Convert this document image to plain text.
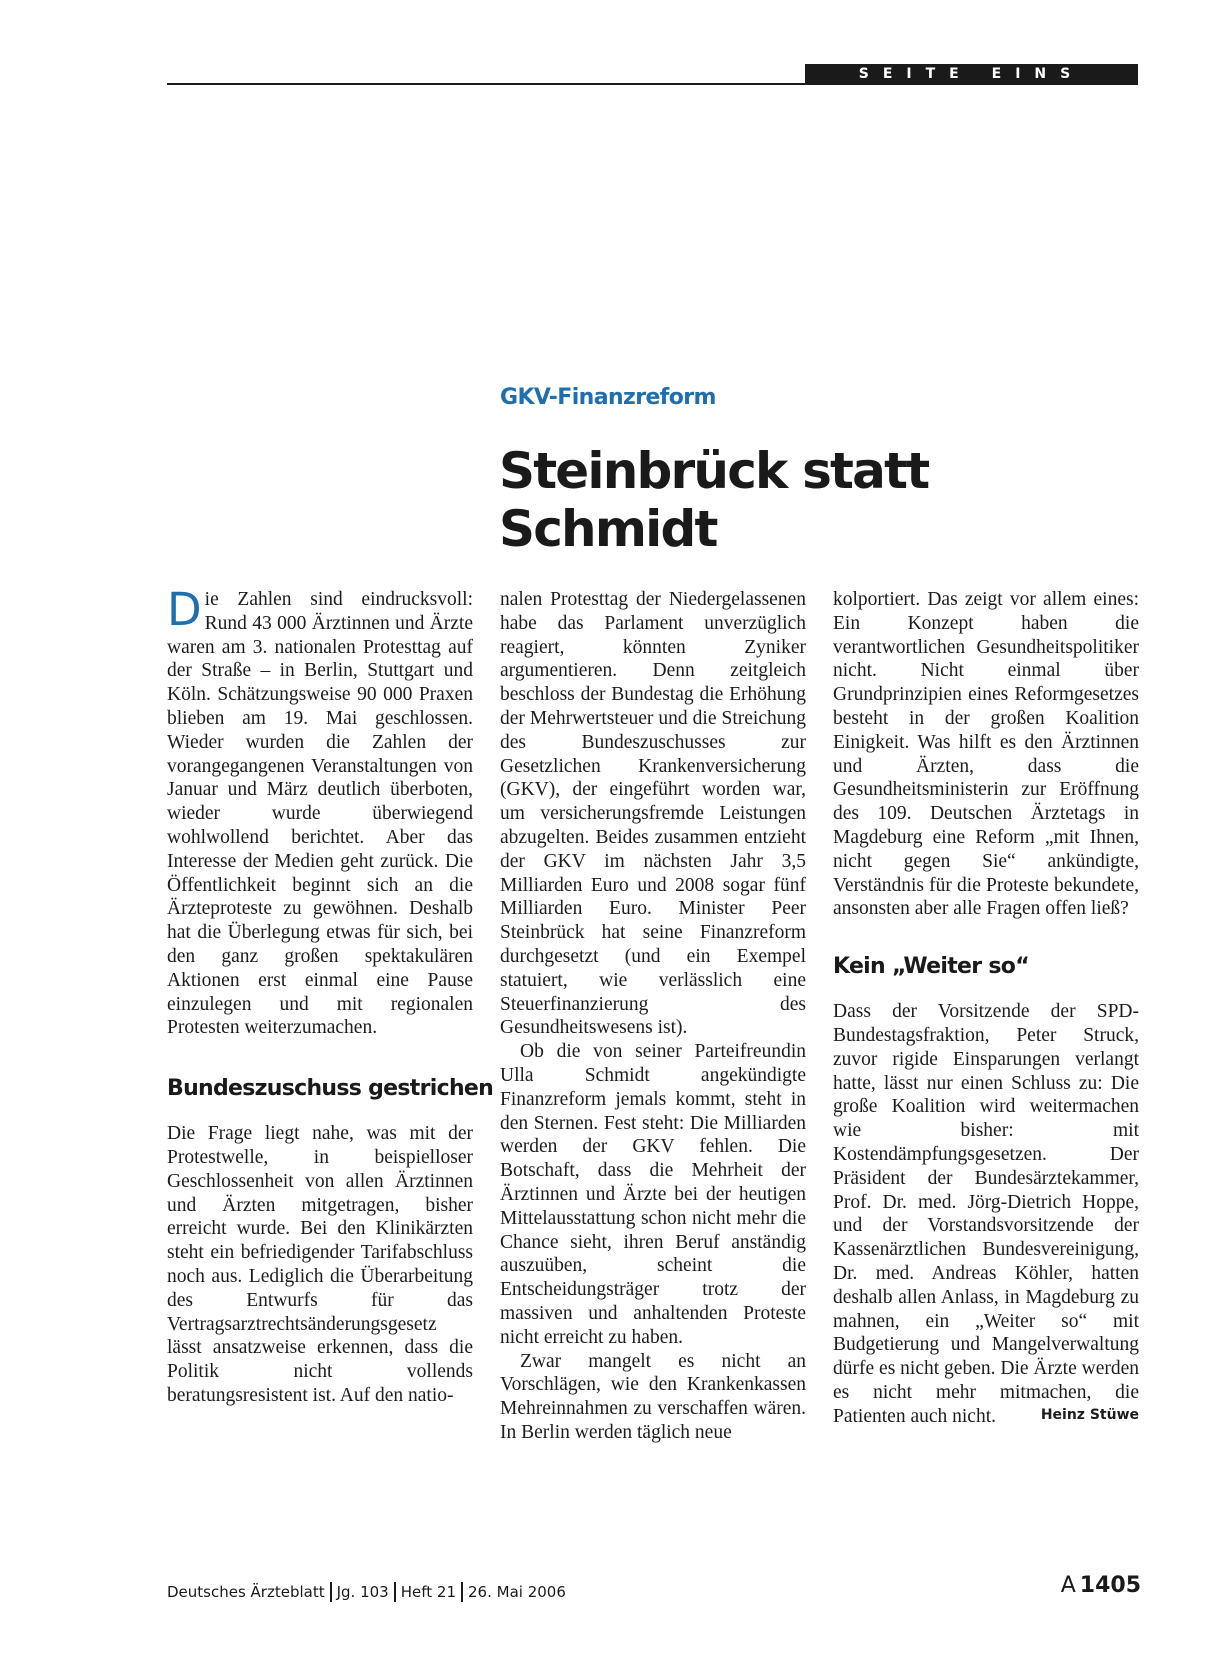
SEITE EINS
GKV-Finanzreform
Steinbrück statt Schmidt

Die Zahlen sind eindrucksvoll: Rund 43 000 Ärztinnen und Ärzte waren am 3. nationalen Protesttag auf der Straße – in Berlin, Stuttgart und Köln. Schätzungsweise 90 000 Praxen blieben am 19. Mai geschlossen. Wieder wurden die Zahlen der vorangegangenen Veranstaltungen von Januar und März deutlich überboten, wieder wurde überwiegend wohlwollend berichtet. Aber das Interesse der Medien geht zurück. Die Öffentlichkeit beginnt sich an die Ärzteproteste zu gewöhnen. Deshalb hat die Überlegung etwas für sich, bei den ganz großen spektakulären Aktionen erst einmal eine Pause einzulegen und mit regionalen Protesten weiterzumachen.

Bundeszuschuss gestrichen

Die Frage liegt nahe, was mit der Protestwelle, in beispielloser Geschlossenheit von allen Ärztinnen und Ärzten mitgetragen, bisher erreicht wurde. Bei den Klinikärzten steht ein befriedigender Tarifabschluss noch aus. Lediglich die Überarbeitung des Entwurfs für das Vertragsarztrechtsänderungsgesetz lässt ansatzweise erkennen, dass die Politik nicht vollends beratungsresistent ist. Auf den natio-

nalen Protesttag der Niedergelassenen habe das Parlament unverzüglich reagiert, könnten Zyniker argumentieren. Denn zeitgleich beschloss der Bundestag die Erhöhung der Mehrwertsteuer und die Streichung des Bundeszuschusses zur Gesetzlichen Krankenversicherung (GKV), der eingeführt worden war, um versicherungsfremde Leistungen abzugelten. Beides zusammen entzieht der GKV im nächsten Jahr 3,5 Milliarden Euro und 2008 sogar fünf Milliarden Euro. Minister Peer Steinbrück hat seine Finanzreform durchgesetzt (und ein Exempel statuiert, wie verlässlich eine Steuerfinanzierung des Gesundheitswesens ist).

Ob die von seiner Parteifreundin Ulla Schmidt angekündigte Finanzreform jemals kommt, steht in den Sternen. Fest steht: Die Milliarden werden der GKV fehlen. Die Botschaft, dass die Mehrheit der Ärztinnen und Ärzte bei der heutigen Mittelausstattung schon nicht mehr die Chance sieht, ihren Beruf anständig auszuüben, scheint die Entscheidungsträger trotz der massiven und anhaltenden Proteste nicht erreicht zu haben.

Zwar mangelt es nicht an Vorschlägen, wie den Krankenkassen Mehreinnahmen zu verschaffen wären. In Berlin werden täglich neue

kolportiert. Das zeigt vor allem eines: Ein Konzept haben die verantwortlichen Gesundheitspolitiker nicht. Nicht einmal über Grundprinzipien eines Reformgesetzes besteht in der großen Koalition Einigkeit. Was hilft es den Ärztinnen und Ärzten, dass die Gesundheitsministerin zur Eröffnung des 109. Deutschen Ärztetags in Magdeburg eine Reform „mit Ihnen, nicht gegen Sie“ ankündigte, Verständnis für die Proteste bekundete, ansonsten aber alle Fragen offen ließ?

Kein „Weiter so“

Dass der Vorsitzende der SPD-Bundestagsfraktion, Peter Struck, zuvor rigide Einsparungen verlangt hatte, lässt nur einen Schluss zu: Die große Koalition wird weitermachen wie bisher: mit Kostendämpfungsgesetzen. Der Präsident der Bundesärztekammer, Prof. Dr. med. Jörg-Dietrich Hoppe, und der Vorstandsvorsitzende der Kassenärztlichen Bundesvereinigung, Dr. med. Andreas Köhler, hatten deshalb allen Anlass, in Magdeburg zu mahnen, ein „Weiter so“ mit Budgetierung und Mangelverwaltung dürfe es nicht geben. Die Ärzte werden es nicht mehr mitmachen, die Patienten auch nicht.	Heinz Stüwe

Deutsches Ärzteblatt Jg. 103 Heft 21 26. Mai 2006	A 1405
